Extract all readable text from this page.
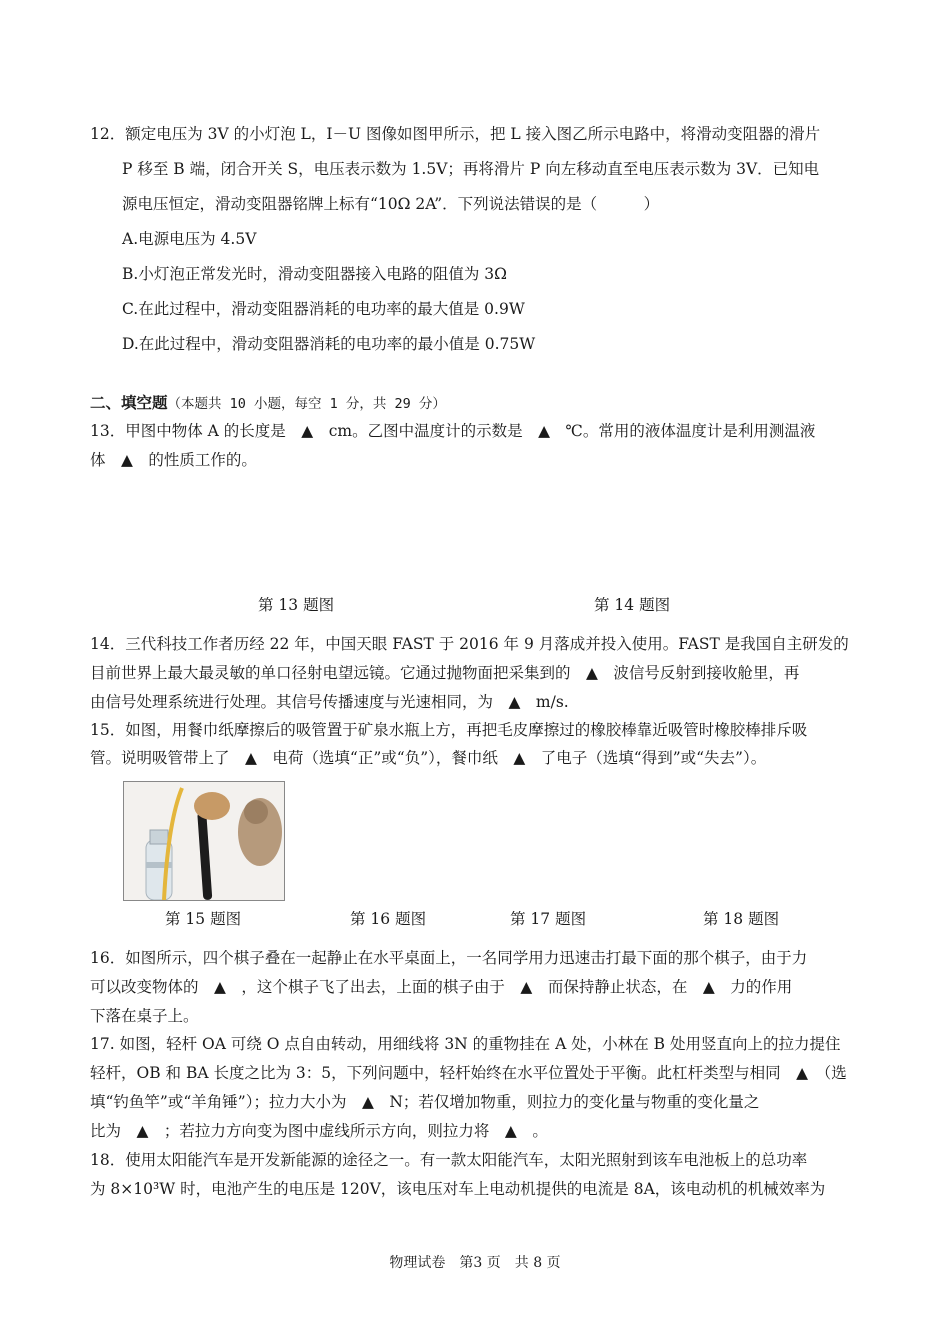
12．额定电压为 3V 的小灯泡 L，I－U 图像如图甲所示，把 L 接入图乙所示电路中，将滑动变阻器的滑片
P 移至 B 端，闭合开关 S，电压表示数为 1.5V；再将滑片 P 向左移动直至电压表示数为 3V．已知电
源电压恒定，滑动变阻器铭牌上标有“10Ω 2A”．下列说法错误的是（　　　）
A.电源电压为 4.5V
B.小灯泡正常发光时，滑动变阻器接入电路的阻值为 3Ω
C.在此过程中，滑动变阻器消耗的电功率的最大值是 0.9W
D.在此过程中，滑动变阻器消耗的电功率的最小值是 0.75W
二、填空题（本题共 10 小题，每空 1 分，共 29 分）
13．甲图中物体 A 的长度是　▲　cm。乙图中温度计的示数是　▲　℃。常用的液体温度计是利用测温液
体　▲　的性质工作的。
第 13 题图	第 14 题图
14．三代科技工作者历经 22 年，中国天眼 FAST 于 2016 年 9 月落成并投入使用。FAST 是我国自主研发的
目前世界上最大最灵敏的单口径射电望远镜。它通过抛物面把采集到的　▲　波信号反射到接收舱里，再
由信号处理系统进行处理。其信号传播速度与光速相同，为　▲　m/s.
15．如图，用餐巾纸摩擦后的吸管置于矿泉水瓶上方，再把毛皮摩擦过的橡胶棒靠近吸管时橡胶棒排斥吸
管。说明吸管带上了　▲　电荷（选填“正”或“负”），餐巾纸　▲　了电子（选填“得到”或“失去”）。
第 15 题图	第 16 题图	第 17 题图	第 18 题图
16．如图所示，四个棋子叠在一起静止在水平桌面上，一名同学用力迅速击打最下面的那个棋子，由于力
可以改变物体的　▲　，这个棋子飞了出去，上面的棋子由于　▲　而保持静止状态，在　▲　力的作用
下落在桌子上。
17. 如图，轻杆 OA 可绕 O 点自由转动，用细线将 3N 的重物挂在 A 处，小林在 B 处用竖直向上的拉力提住
轻杆，OB 和 BA 长度之比为 3：5，下列问题中，轻杆始终在水平位置处于平衡。此杠杆类型与相同　▲　（选
填“钓鱼竿”或“羊角锤”）；拉力大小为　▲　N；若仅增加物重，则拉力的变化量与物重的变化量之
比为　▲　；若拉力方向变为图中虚线所示方向，则拉力将　▲　。
18．使用太阳能汽车是开发新能源的途径之一。有一款太阳能汽车，太阳光照射到该车电池板上的总功率
为 8×10³W 时，电池产生的电压是 120V，该电压对车上电动机提供的电流是 8A，该电动机的机械效率为
物理试卷　第3 页　共 8 页
